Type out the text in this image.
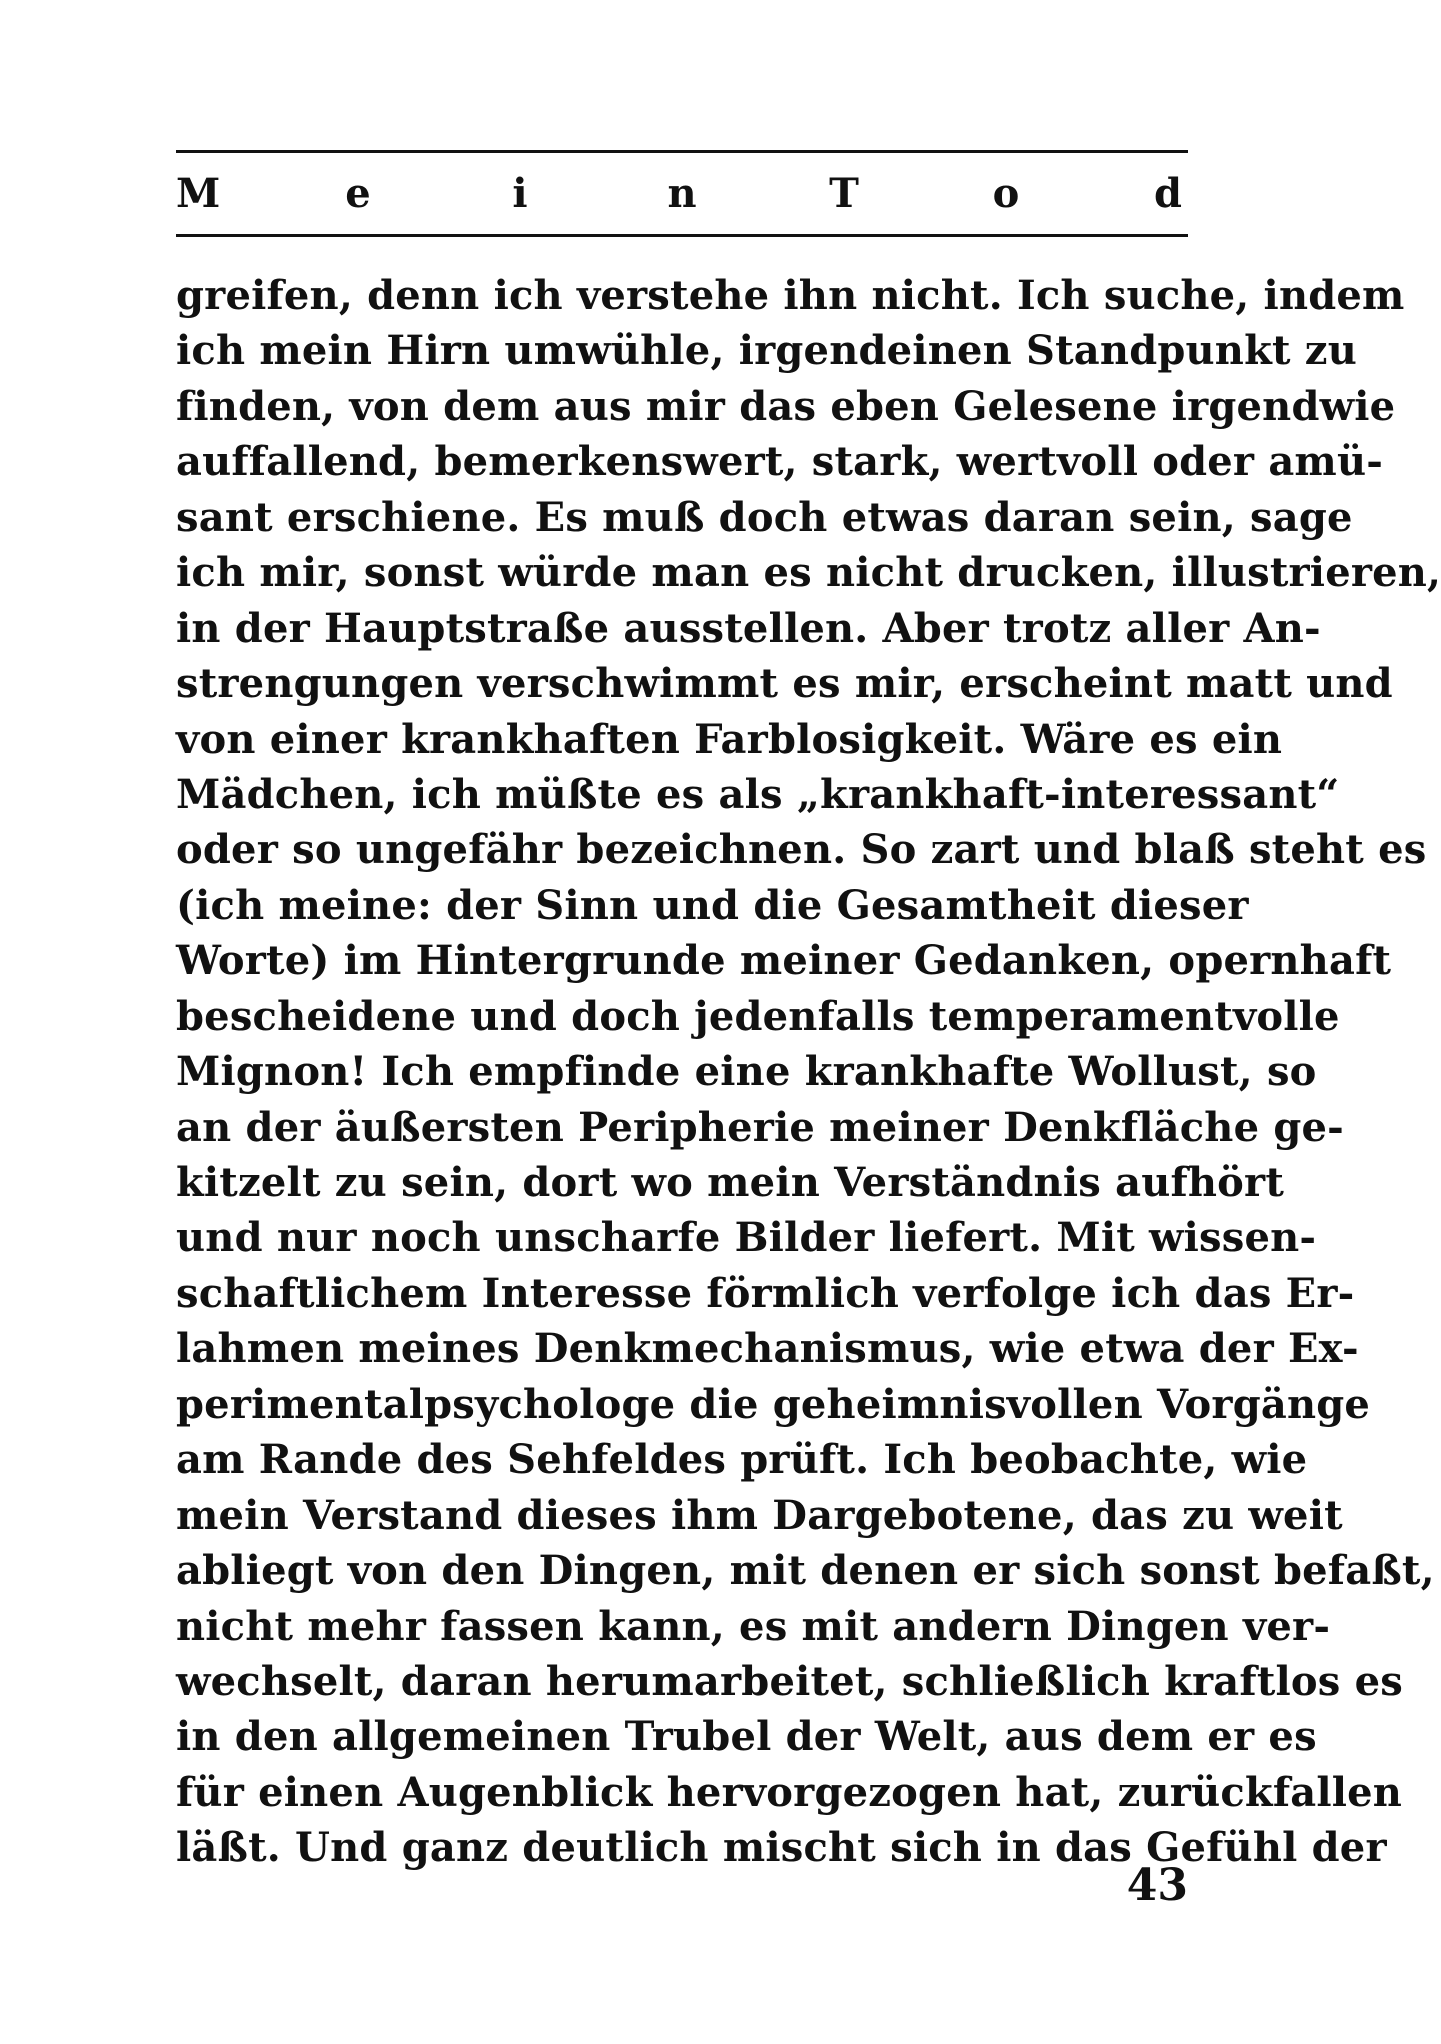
M	e	i	n	T	o	d
greifen, denn ich verstehe ihn nicht. Ich suche, indem
ich mein Hirn umwühle, irgendeinen Standpunkt zu
finden, von dem aus mir das eben Gelesene irgendwie
auffallend, bemerkenswert, stark, wertvoll oder amü-
sant erschiene. Es muß doch etwas daran sein, sage
ich mir, sonst würde man es nicht drucken, illustrieren,
in der Hauptstraße ausstellen. Aber trotz aller An-
strengungen verschwimmt es mir, erscheint matt und
von einer krankhaften Farblosigkeit. Wäre es ein
Mädchen, ich müßte es als „krankhaft-interessant“
oder so ungefähr bezeichnen. So zart und blaß steht es
(ich meine: der Sinn und die Gesamtheit dieser
Worte) im Hintergrunde meiner Gedanken, opernhaft
bescheidene und doch jedenfalls temperamentvolle
Mignon! Ich empfinde eine krankhafte Wollust, so
an der äußersten Peripherie meiner Denkfläche ge-
kitzelt zu sein, dort wo mein Verständnis aufhört
und nur noch unscharfe Bilder liefert. Mit wissen-
schaftlichem Interesse förmlich verfolge ich das Er-
lahmen meines Denkmechanismus, wie etwa der Ex-
perimentalpsychologe die geheimnisvollen Vorgänge
am Rande des Sehfeldes prüft. Ich beobachte, wie
mein Verstand dieses ihm Dargebotene, das zu weit
abliegt von den Dingen, mit denen er sich sonst befaßt,
nicht mehr fassen kann, es mit andern Dingen ver-
wechselt, daran herumarbeitet, schließlich kraftlos es
in den allgemeinen Trubel der Welt, aus dem er es
für einen Augenblick hervorgezogen hat, zurückfallen
läßt. Und ganz deutlich mischt sich in das Gefühl der
43
